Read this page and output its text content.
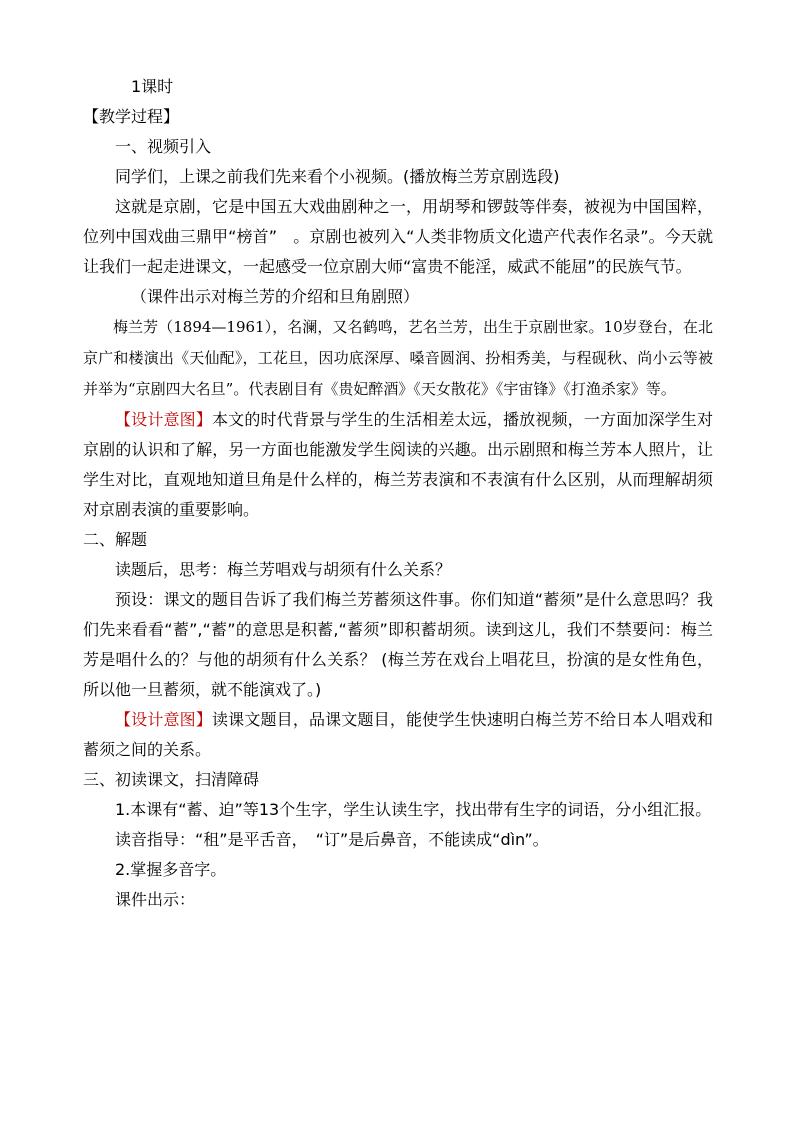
1课时

【教学过程】

一、视频引入

同学们，上课之前我们先来看个小视频。(播放梅兰芳京剧选段)

这就是京剧，它是中国五大戏曲剧种之一，用胡琴和锣鼓等伴奏，被视为中国国粹，位列中国戏曲三鼎甲“榜首”　。京剧也被列入“人类非物质文化遗产代表作名录”。今天就让我们一起走进课文，一起感受一位京剧大师“富贵不能淫，威武不能屈”的民族气节。

（课件出示对梅兰芳的介绍和旦角剧照）

梅兰芳（1894—1961），名澜，又名鹤鸣，艺名兰芳，出生于京剧世家。10岁登台，在北京广和楼演出《天仙配》，工花旦，因功底深厚、嗓音圆润、扮相秀美，与程砚秋、尚小云等被并举为“京剧四大名旦”。代表剧目有《贵妃醉酒》《天女散花》《宇宙锋》《打渔杀家》等。

【设计意图】本文的时代背景与学生的生活相差太远，播放视频，一方面加深学生对京剧的认识和了解，另一方面也能激发学生阅读的兴趣。出示剧照和梅兰芳本人照片，让学生对比，直观地知道旦角是什么样的，梅兰芳表演和不表演有什么区别，从而理解胡须对京剧表演的重要影响。

二、解题

读题后，思考：梅兰芳唱戏与胡须有什么关系？

预设：课文的题目告诉了我们梅兰芳蓄须这件事。你们知道“蓄须”是什么意思吗？我们先来看看“蓄”,“蓄”的意思是积蓄,“蓄须”即积蓄胡须。读到这儿，我们不禁要问：梅兰芳是唱什么的？与他的胡须有什么关系？ (梅兰芳在戏台上唱花旦，扮演的是女性角色，所以他一旦蓄须，就不能演戏了。)

【设计意图】读课文题目，品课文题目，能使学生快速明白梅兰芳不给日本人唱戏和蓄须之间的关系。

三、初读课文，扫清障碍

1.本课有“蓄、迫”等13个生字，学生认读生字，找出带有生字的词语，分小组汇报。

读音指导：“租”是平舌音，　“订”是后鼻音，不能读成“dìn”。

2.掌握多音字。

课件出示：
